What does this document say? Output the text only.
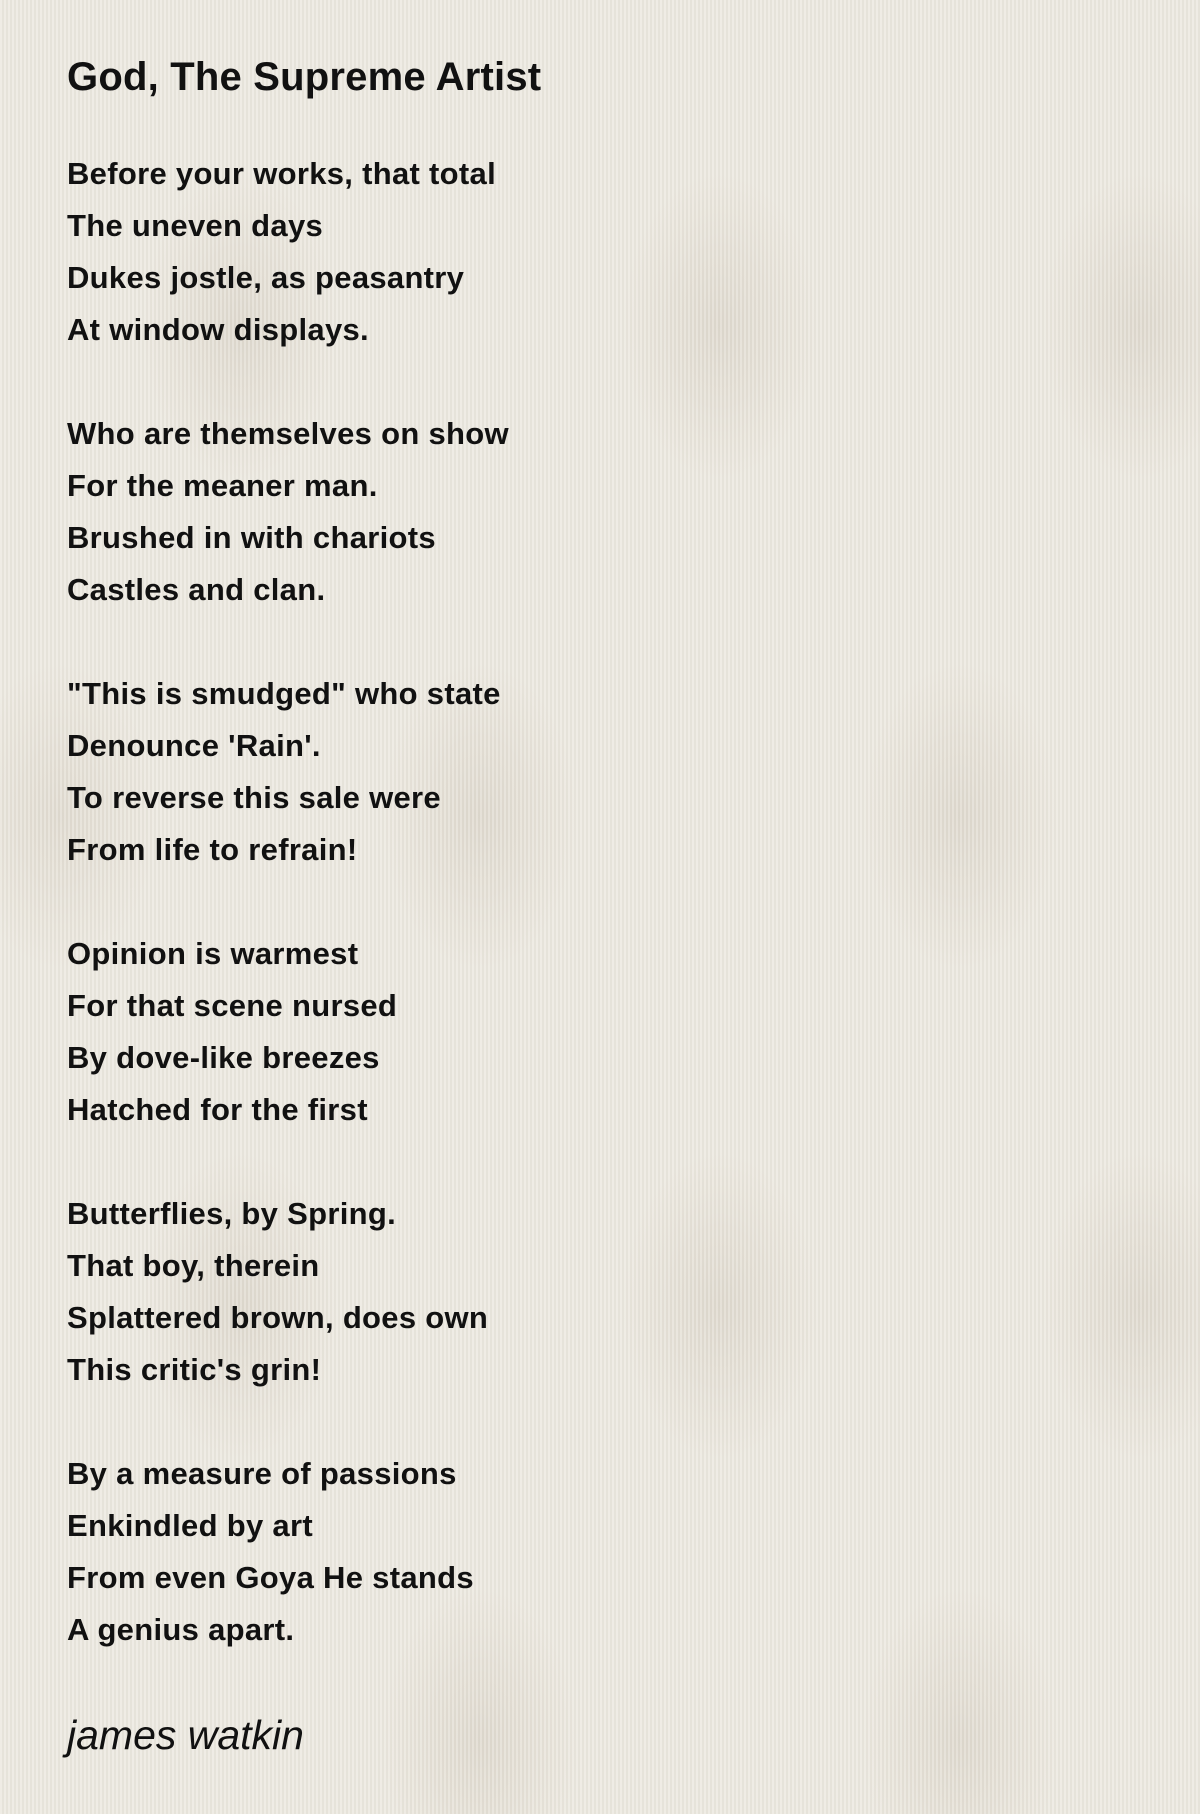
God, The Supreme Artist
Before your works, that total
The uneven days
Dukes jostle, as peasantry
At window displays.
Who are themselves on show
For the meaner man.
Brushed in with chariots
Castles and clan.
"This is smudged" who state
Denounce 'Rain'.
To reverse this sale were
From life to refrain!
Opinion is warmest
For that scene nursed
By dove-like breezes
Hatched for the first
Butterflies, by Spring.
That boy, therein
Splattered brown, does own
This critic's grin!
By a measure of passions
Enkindled by art
From even Goya He stands
A genius apart.
james watkin
